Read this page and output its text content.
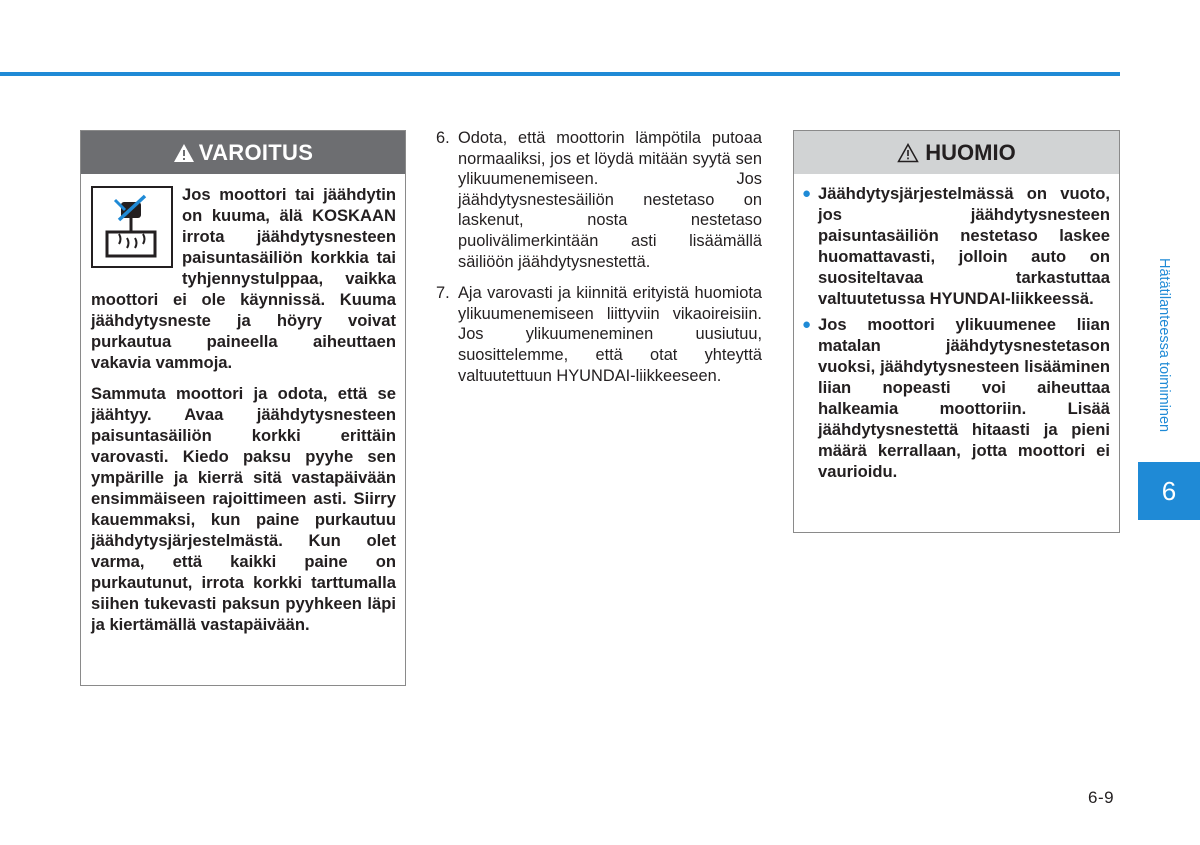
VAROITUS

Jos moottori tai jäähdytin on kuuma, älä KOSKAAN irrota jäähdytysnesteen paisuntasäiliön korkkia tai tyhjennystulppaa, vaikka moottori ei ole käynnissä. Kuuma jäähdytysneste ja höyry voivat purkautua paineella aiheuttaen vakavia vammoja.

Sammuta moottori ja odota, että se jäähtyy. Avaa jäähdytysnesteen paisuntasäiliön korkki erittäin varovasti. Kiedo paksu pyyhe sen ympärille ja kierrä sitä vastapäivään ensimmäiseen rajoittimeen asti. Siirry kauemmaksi, kun paine purkautuu jäähdytysjärjestelmästä. Kun olet varma, että kaikki paine on purkautunut, irrota korkki tarttumalla siihen tukevasti paksun pyyhkeen läpi ja kiertämällä vastapäivään.

6. Odota, että moottorin lämpötila putoaa normaaliksi, jos et löydä mitään syytä sen ylikuumenemiseen. Jos jäähdytysnestesäiliön nestetaso on laskenut, nosta nestetaso puolivälimerkintään asti lisäämällä säiliöön jäähdytysnestettä.
7. Aja varovasti ja kiinnitä erityistä huomiota ylikuumenemiseen liittyviin vikaoireisiin. Jos ylikuumeneminen uusiutuu, suosittelemme, että otat yhteyttä valtuutettuun HYUNDAI-liikkeeseen.
HUOMIO
● Jäähdytysjärjestelmässä on vuoto, jos jäähdytysnesteen paisuntasäiliön nestetaso laskee huomattavasti, jolloin auto on suositeltavaa tarkastuttaa valtuutetussa HYUNDAI-liikkeessä.
● Jos moottori ylikuumenee liian matalan jäähdytysnestetason vuoksi, jäähdytysnesteen lisääminen liian nopeasti voi aiheuttaa halkeamia moottoriin. Lisää jäähdytysnestettä hitaasti ja pieni määrä kerrallaan, jotta moottori ei vaurioidu.
Hätätilanteessa toimiminen
6
6-9
